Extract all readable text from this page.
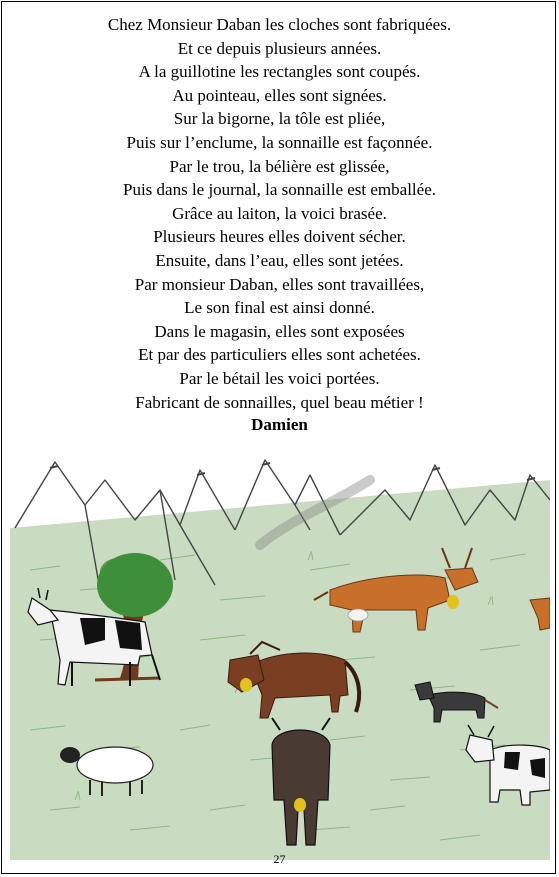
Chez Monsieur Daban les cloches sont fabriquées.
Et ce depuis plusieurs années.
A la guillotine les rectangles sont coupés.
Au pointeau, elles sont signées.
Sur la bigorne, la tôle est pliée,
Puis sur l’enclume, la sonnaille est façonnée.
Par le trou, la bélière est glissée,
Puis dans le journal, la sonnaille est emballée.
Grâce au laiton, la voici brasée.
Plusieurs heures elles doivent sécher.
Ensuite, dans l’eau, elles sont jetées.
Par monsieur Daban, elles sont travaillées,
Le son final est ainsi donné.
Dans le magasin, elles sont exposées
Et par des particuliers elles sont achetées.
Par le bétail les voici portées.
Fabricant de sonnailles, quel beau métier !
Damien
27
